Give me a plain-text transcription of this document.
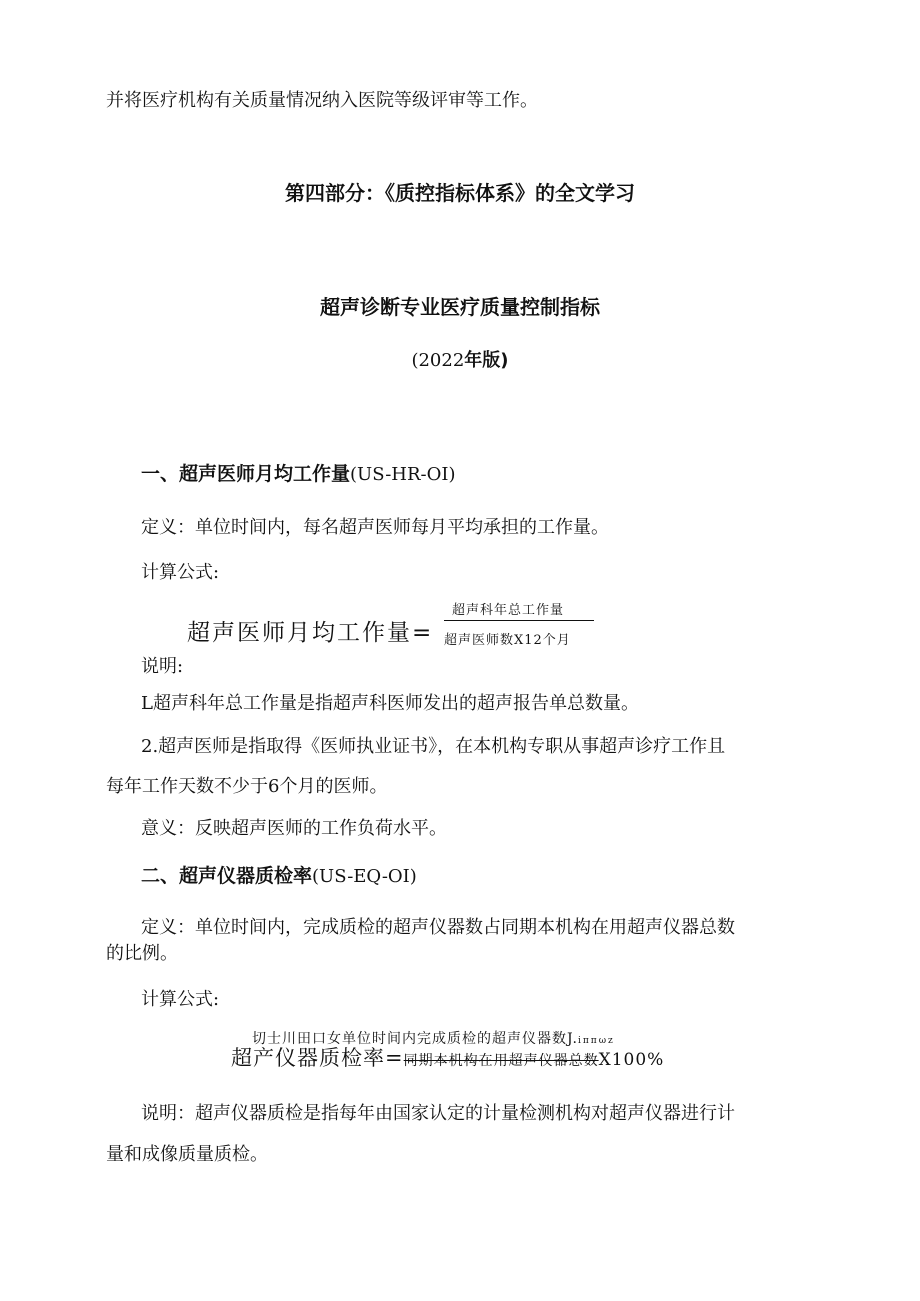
并将医疗机构有关质量情况纳入医院等级评审等工作。
第四部分：《质控指标体系》的全文学习
超声诊断专业医疗质量控制指标
(2022年版)
一、超声医师月均工作量(US-HR-OI)
定义：单位时间内，每名超声医师每月平均承担的工作量。
计算公式:
超声医师月均工作量=
超声科年总工作量
超声医师数X12个月
说明:
L超声科年总工作量是指超声科医师发出的超声报告单总数量。
2.超声医师是指取得《医师执业证书》，在本机构专职从事超声诊疗工作且
每年工作天数不少于6个月的医师。
意义：反映超声医师的工作负荷水平。
二、超声仪器质检率(US-EQ-OI)
定义：单位时间内，完成质检的超声仪器数占同期本机构在用超声仪器总数
的比例。
计算公式:
切士川田口女单位时间内完成质检的超声仪器数J.iππωz
超产仪器质检率=同期本机构在用超声仪器总数X100%
说明：超声仪器质检是指每年由国家认定的计量检测机构对超声仪器进行计
量和成像质量质检。
